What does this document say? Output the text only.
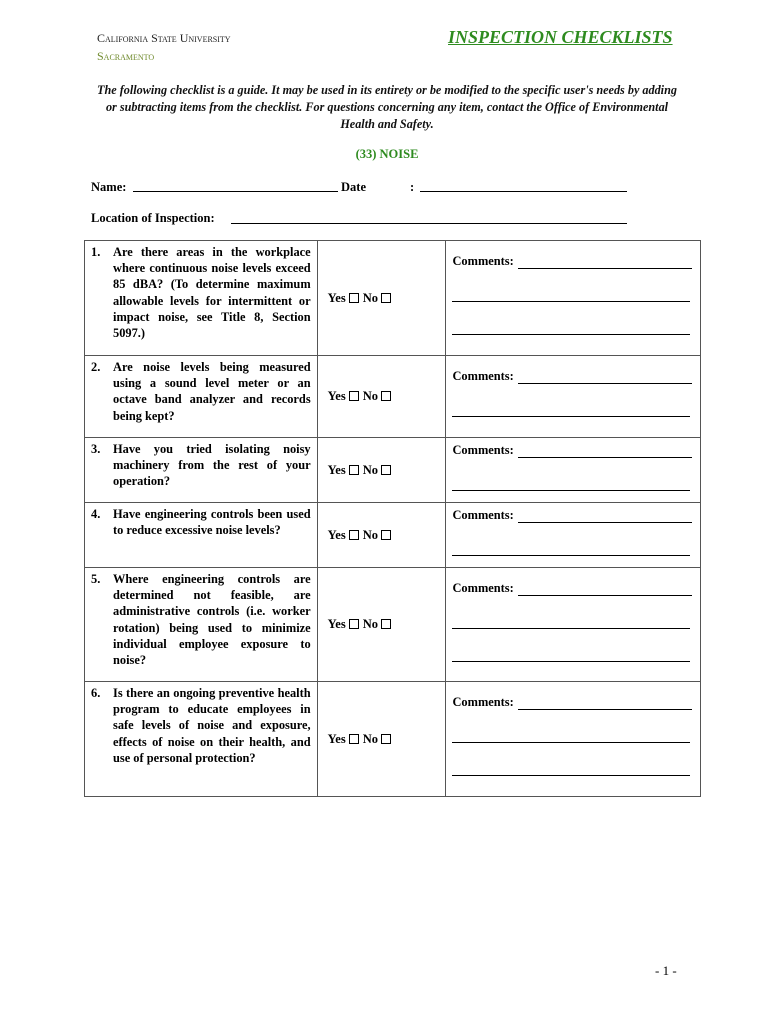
California State University
Sacramento
INSPECTION CHECKLISTS
The following checklist is a guide. It may be used in its entirety or be modified to the specific user's needs by adding or subtracting items from the checklist. For questions concerning any item, contact the Office of Environmental Health and Safety.
(33) NOISE
Name:	Date	:
Location of Inspection:
1. Are there areas in the workplace where continuous noise levels exceed 85 dBA? (To determine maximum allowable levels for intermittent or impact noise, see Title 8, Section 5097.)	Yes No	Comments:

2. Are noise levels being measured using a sound level meter or an octave band analyzer and records being kept?	Yes No	Comments:

3. Have you tried isolating noisy machinery from the rest of your operation?	Yes No	Comments:

4. Have engineering controls been used to reduce excessive noise levels?	Yes No	Comments:

5. Where engineering controls are determined not feasible, are administrative controls (i.e. worker rotation) being used to minimize individual employee exposure to noise?	Yes No	Comments:

6. Is there an ongoing preventive health program to educate employees in safe levels of noise and exposure, effects of noise on their health, and use of personal protection?	Yes No	Comments:
- 1 -
